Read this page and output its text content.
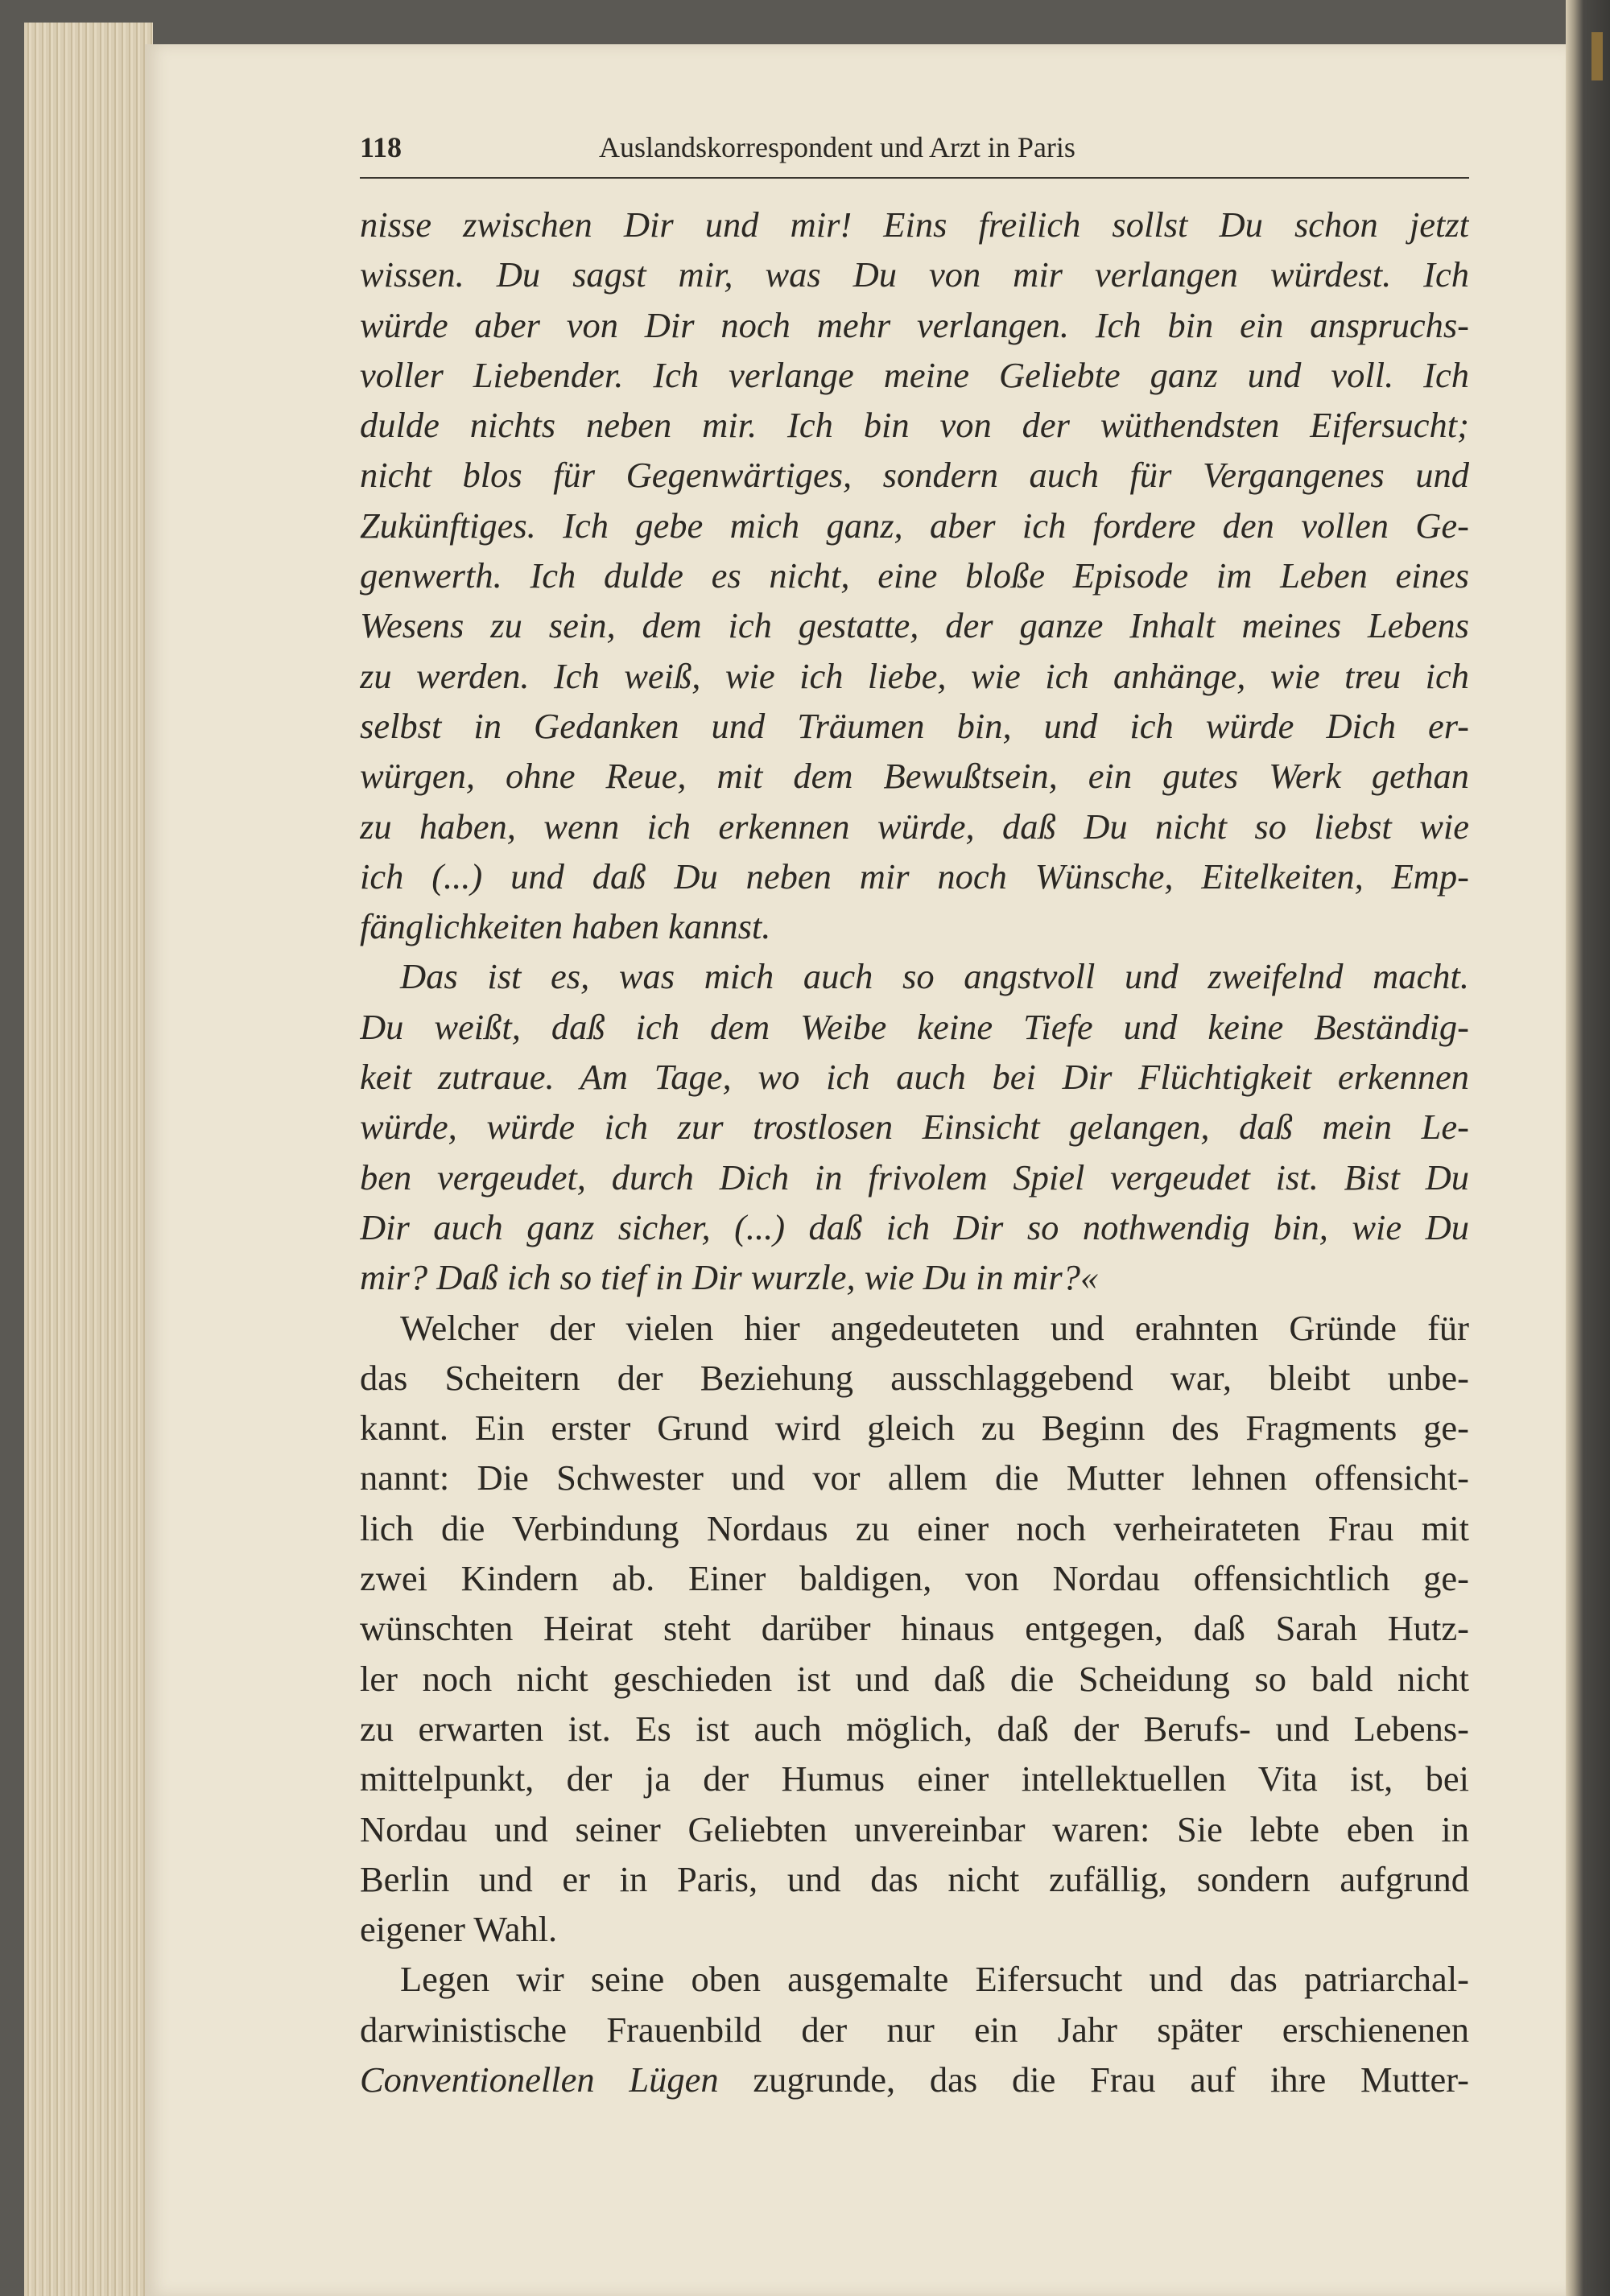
118	Auslandskorrespondent und Arzt in Paris
nisse zwischen Dir und mir! Eins freilich sollst Du schon jetzt
wissen. Du sagst mir, was Du von mir verlangen würdest. Ich
würde aber von Dir noch mehr verlangen. Ich bin ein anspruchs-
voller Liebender. Ich verlange meine Geliebte ganz und voll. Ich
dulde nichts neben mir. Ich bin von der wüthendsten Eifersucht;
nicht blos für Gegenwärtiges, sondern auch für Vergangenes und
Zukünftiges. Ich gebe mich ganz, aber ich fordere den vollen Ge-
genwerth. Ich dulde es nicht, eine bloße Episode im Leben eines
Wesens zu sein, dem ich gestatte, der ganze Inhalt meines Lebens
zu werden. Ich weiß, wie ich liebe, wie ich anhänge, wie treu ich
selbst in Gedanken und Träumen bin, und ich würde Dich er-
würgen, ohne Reue, mit dem Bewußtsein, ein gutes Werk gethan
zu haben, wenn ich erkennen würde, daß Du nicht so liebst wie
ich (...) und daß Du neben mir noch Wünsche, Eitelkeiten, Emp-
fänglichkeiten haben kannst.
Das ist es, was mich auch so angstvoll und zweifelnd macht.
Du weißt, daß ich dem Weibe keine Tiefe und keine Beständig-
keit zutraue. Am Tage, wo ich auch bei Dir Flüchtigkeit erkennen
würde, würde ich zur trostlosen Einsicht gelangen, daß mein Le-
ben vergeudet, durch Dich in frivolem Spiel vergeudet ist. Bist Du
Dir auch ganz sicher, (...) daß ich Dir so nothwendig bin, wie Du
mir? Daß ich so tief in Dir wurzle, wie Du in mir?«
Welcher der vielen hier angedeuteten und erahnten Gründe für
das Scheitern der Beziehung ausschlaggebend war, bleibt unbe-
kannt. Ein erster Grund wird gleich zu Beginn des Fragments ge-
nannt: Die Schwester und vor allem die Mutter lehnen offensicht-
lich die Verbindung Nordaus zu einer noch verheirateten Frau mit
zwei Kindern ab. Einer baldigen, von Nordau offensichtlich ge-
wünschten Heirat steht darüber hinaus entgegen, daß Sarah Hutz-
ler noch nicht geschieden ist und daß die Scheidung so bald nicht
zu erwarten ist. Es ist auch möglich, daß der Berufs- und Lebens-
mittelpunkt, der ja der Humus einer intellektuellen Vita ist, bei
Nordau und seiner Geliebten unvereinbar waren: Sie lebte eben in
Berlin und er in Paris, und das nicht zufällig, sondern aufgrund
eigener Wahl.
Legen wir seine oben ausgemalte Eifersucht und das patriarchal-
darwinistische Frauenbild der nur ein Jahr später erschienenen
Conventionellen Lügen zugrunde, das die Frau auf ihre Mutter-
